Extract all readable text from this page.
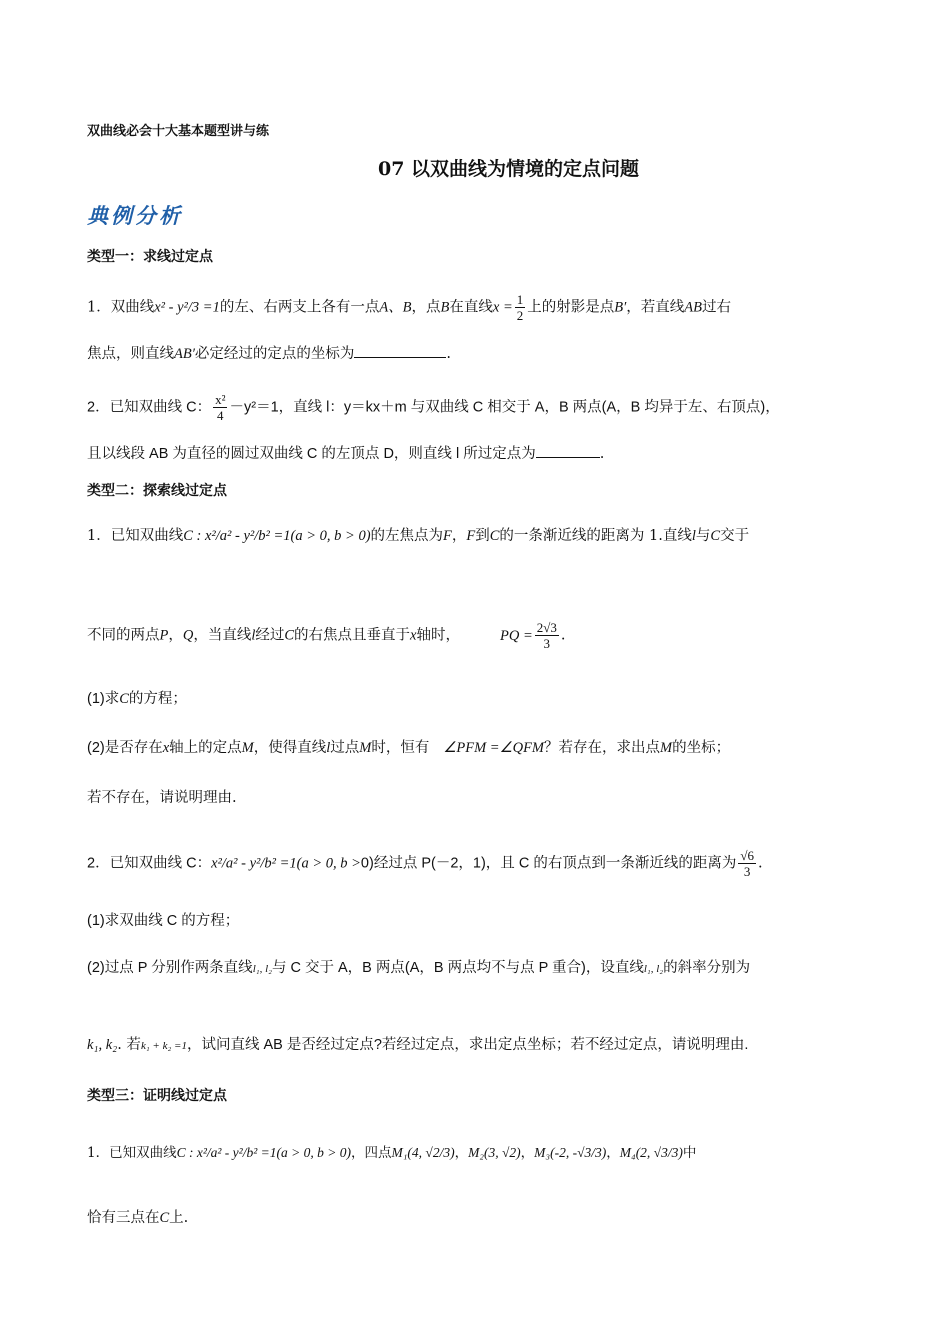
双曲线必会十大基本题型讲与练
07 以双曲线为情境的定点问题
典例分析
类型一：求线过定点
1．双曲线x² - y²/3 =1的左、右两支上各有一点A、B，点B在直线$x = \frac{1}{2}$ 上的射影是点B′，若直线AB过右
焦点，则直线AB′必定经过的定点的坐标为	.
2．已知双曲线 C： $\frac{\text{x²}}{4} -y^2=1$，直线 l：y＝kx＋m 与双曲线 C 相交于 A，B 两点(A，B 均异于左、右顶点)，
且以线段 AB 为直径的圆过双曲线 C 的左顶点 D，则直线 l 所过定点为	.
类型二：探索线过定点
1．已知双曲线C : x²/a² - y²/b² =1(a > 0, b > 0)的左焦点为F，F到C的一条渐近线的距离为 1.直线l与C交于
不同的两点P，Q，当直线l经过C的右焦点且垂直于x轴时，	PQ = $\frac{2√3}{3}$ .
(1)求C的方程；
(2)是否存在x轴上的定点M，使得直线l过点M时，恒有 ∠PFM =∠QFM？若存在，求出点M的坐标；
若不存在，请说明理由.
2．已知双曲线 C：x²/a² - y²/b² =1(a > 0, b >0)经过点 P(－2，1)，且 C 的右顶点到一条渐近线的距离为 $\frac{√6}{3}$ .
(1)求双曲线 C 的方程；
(2)过点 P 分别作两条直线l₁, l₂与 C 交于 A，B 两点(A，B 两点均不与点 P 重合)，设直线l₁, l₂的斜率分别为
k₁, k₂. 若k₁ + k₂ =1，试问直线 AB 是否经过定点?若经过定点，求出定点坐标；若不经过定点，请说明理由.
类型三：证明线过定点
1．已知双曲线C : x²/a² - y²/b² =1(a > 0, b > 0)，四点M₁(4, √2/3)，M₂(3, √2)，M₃(-2, -√3/3)，M₄(2, √3/3)中
恰有三点在C上.
